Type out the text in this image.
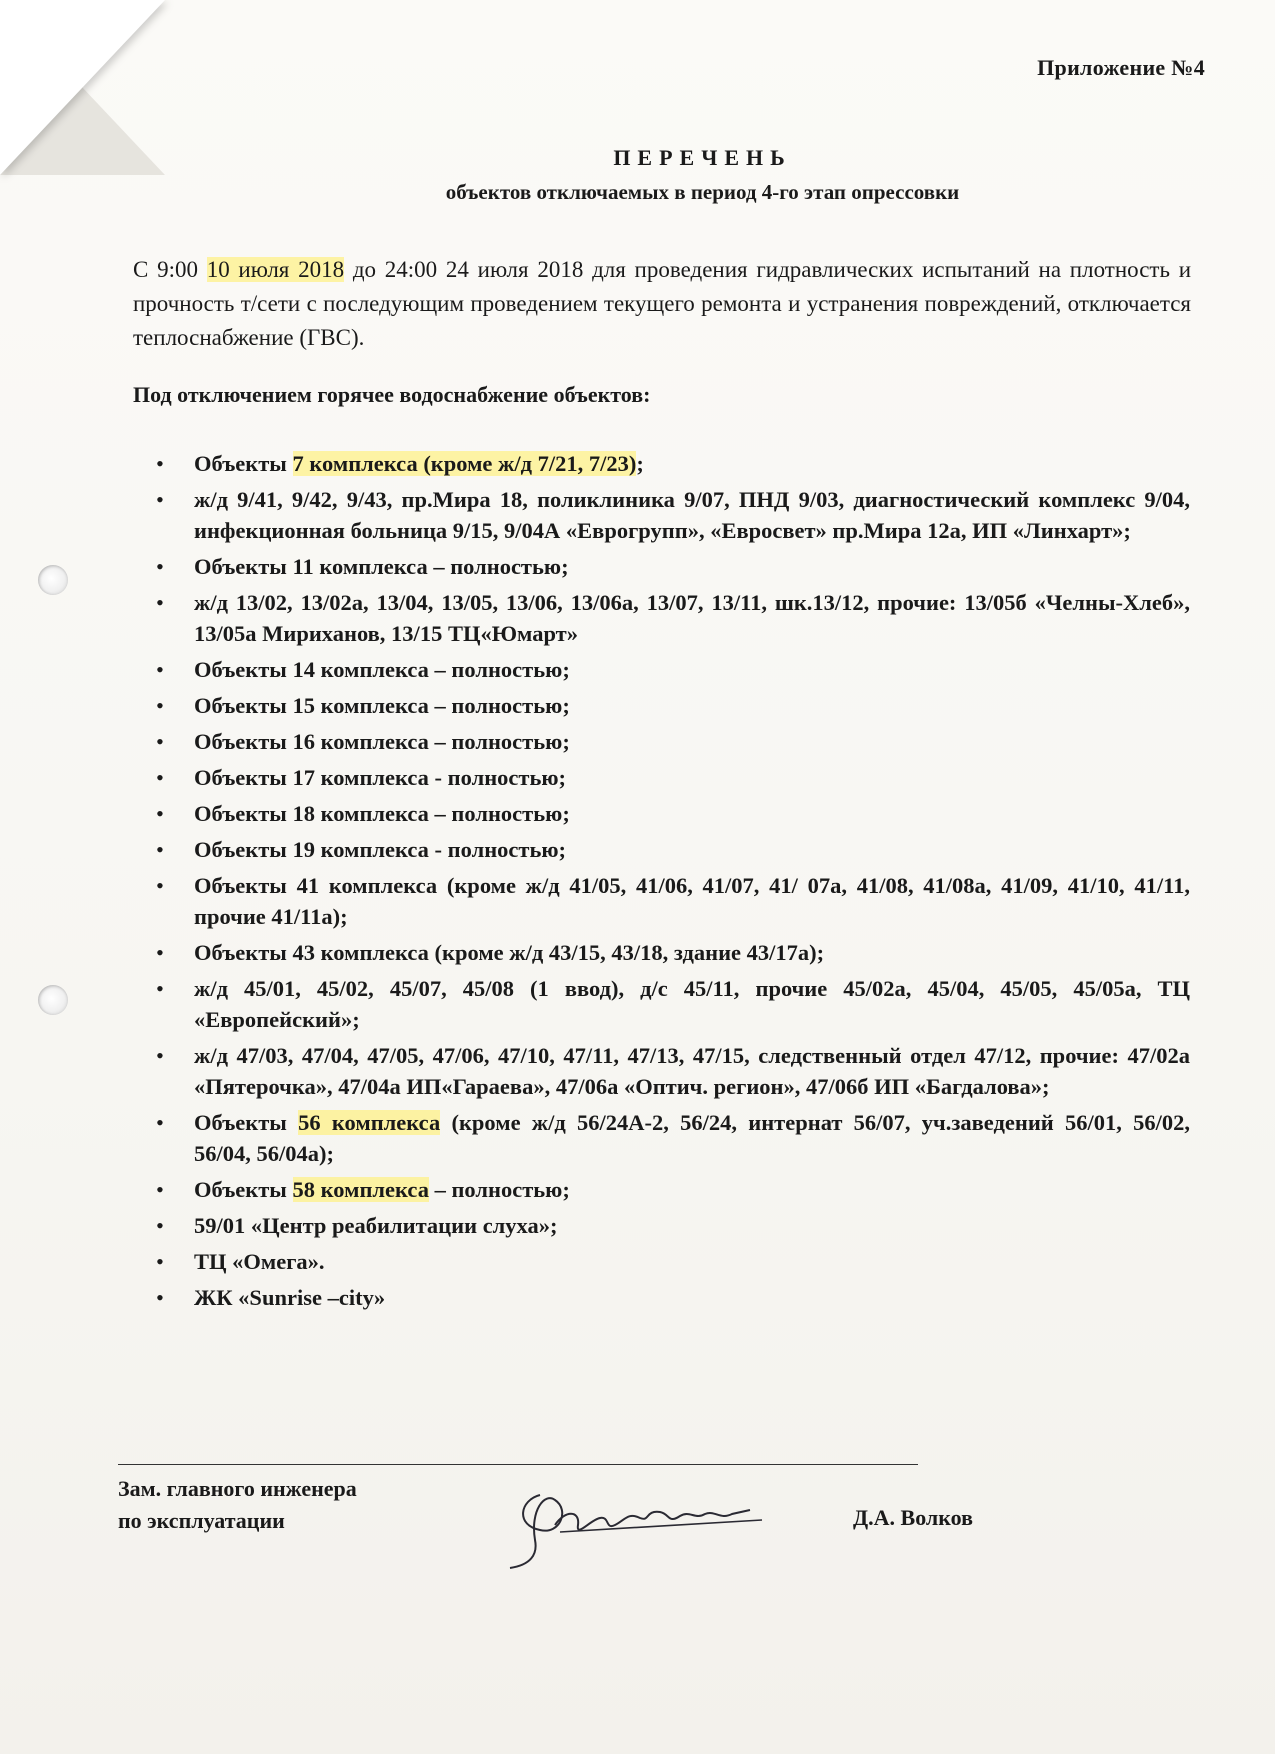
Приложение №4
ПЕРЕЧЕНЬ
объектов отключаемых в период 4-го этап опрессовки
С 9:00 10 июля 2018 до 24:00 24 июля 2018 для проведения гидравлических испытаний на плотность и прочность т/сети с последующим проведением текущего ремонта и устранения повреждений, отключается теплоснабжение (ГВС).
Под отключением горячее водоснабжение объектов:
• Объекты 7 комплекса (кроме ж/д 7/21, 7/23);
• ж/д 9/41, 9/42, 9/43, пр.Мира 18, поликлиника 9/07, ПНД 9/03, диагностический комплекс 9/04, инфекционная больница 9/15, 9/04А «Еврогрупп», «Евросвет» пр.Мира 12а, ИП «Линхарт»;
• Объекты 11 комплекса – полностью;
• ж/д 13/02, 13/02а, 13/04, 13/05, 13/06, 13/06а, 13/07, 13/11, шк.13/12, прочие: 13/05б «Челны-Хлеб», 13/05а Мириханов, 13/15 ТЦ«Юмарт»
• Объекты 14 комплекса – полностью;
• Объекты 15 комплекса – полностью;
• Объекты 16 комплекса – полностью;
• Объекты 17 комплекса - полностью;
• Объекты 18 комплекса – полностью;
• Объекты 19 комплекса - полностью;
• Объекты 41 комплекса (кроме ж/д 41/05, 41/06, 41/07, 41/ 07а, 41/08, 41/08а, 41/09, 41/10, 41/11, прочие 41/11а);
• Объекты 43 комплекса (кроме ж/д 43/15, 43/18, здание 43/17а);
• ж/д 45/01, 45/02, 45/07, 45/08 (1 ввод), д/с 45/11, прочие 45/02а, 45/04, 45/05, 45/05а, ТЦ «Европейский»;
• ж/д 47/03, 47/04, 47/05, 47/06, 47/10, 47/11, 47/13, 47/15, следственный отдел 47/12, прочие: 47/02а «Пятерочка», 47/04а ИП«Гараева», 47/06а «Оптич. регион», 47/06б ИП «Багдалова»;
• Объекты 56 комплекса (кроме ж/д 56/24А-2, 56/24, интернат 56/07, уч.заведений 56/01, 56/02, 56/04, 56/04а);
• Объекты 58 комплекса – полностью;
• 59/01 «Центр реабилитации слуха»;
• ТЦ «Омега».
• ЖК «Sunrise –city»
Зам. главного инженера
по эксплуатации	Д.А. Волков
